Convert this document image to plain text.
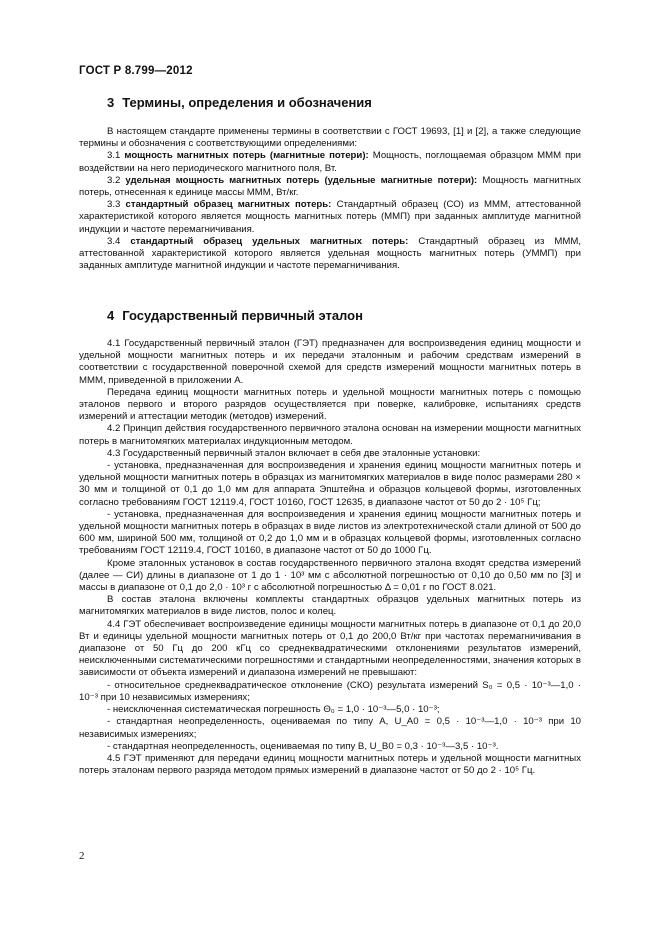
ГОСТ Р 8.799—2012
3 Термины, определения и обозначения

В настоящем стандарте применены термины в соответствии с ГОСТ 19693, [1] и [2], а также следующие термины и обозначения с соответствующими определениями:

3.1 мощность магнитных потерь (магнитные потери): Мощность, поглощаемая образцом МММ при воздействии на него периодического магнитного поля, Вт.

3.2 удельная мощность магнитных потерь (удельные магнитные потери): Мощность магнитных потерь, отнесенная к единице массы МММ, Вт/кг.

3.3 стандартный образец магнитных потерь: Стандартный образец (СО) из МММ, аттестованной характеристикой которого является мощность магнитных потерь (ММП) при заданных амплитуде магнитной индукции и частоте перемагничивания.

3.4 стандартный образец удельных магнитных потерь: Стандартный образец из МММ, аттестованной характеристикой которого является удельная мощность магнитных потерь (УММП) при заданных амплитуде магнитной индукции и частоте перемагничивания.

4 Государственный первичный эталон

4.1 Государственный первичный эталон (ГЭТ) предназначен для воспроизведения единиц мощности и удельной мощности магнитных потерь и их передачи эталонным и рабочим средствам измерений в соответствии с государственной поверочной схемой для средств измерений мощности магнитных потерь в МММ, приведенной в приложении А.

Передача единиц мощности магнитных потерь и удельной мощности магнитных потерь с помощью эталонов первого и второго разрядов осуществляется при поверке, калибровке, испытаниях средств измерений и аттестации методик (методов) измерений.

4.2 Принцип действия государственного первичного эталона основан на измерении мощности магнитных потерь в магнитомягких материалах индукционным методом.

4.3 Государственный первичный эталон включает в себя две эталонные установки:

- установка, предназначенная для воспроизведения и хранения единиц мощности магнитных потерь и удельной мощности магнитных потерь в образцах из магнитомягких материалов в виде полос размерами 280 × 30 мм и толщиной от 0,1 до 1,0 мм для аппарата Эпштейна и образцов кольцевой формы, изготовленных согласно требованиям ГОСТ 12119.4, ГОСТ 10160, ГОСТ 12635, в диапазоне частот от 50 до 2 · 10⁵ Гц;

- установка, предназначенная для воспроизведения и хранения единиц мощности магнитных потерь и удельной мощности магнитных потерь в образцах в виде листов из электротехнической стали длиной от 500 до 600 мм, шириной 500 мм, толщиной от 0,2 до 1,0 мм и в образцах кольцевой формы, изготовленных согласно требованиям ГОСТ 12119.4, ГОСТ 10160, в диапазоне частот от 50 до 1000 Гц.

Кроме эталонных установок в состав государственного первичного эталона входят средства измерений (далее — СИ) длины в диапазоне от 1 до 1 · 10³ мм с абсолютной погрешностью от 0,10 до 0,50 мм по [3] и массы в диапазоне от 0,1 до 2,0 · 10³ г с абсолютной погрешностью Δ = 0,01 г по ГОСТ 8.021.

В состав эталона включены комплекты стандартных образцов удельных магнитных потерь из магнитомягких материалов в виде листов, полос и колец.

4.4 ГЭТ обеспечивает воспроизведение единицы мощности магнитных потерь в диапазоне от 0,1 до 20,0 Вт и единицы удельной мощности магнитных потерь от 0,1 до 200,0 Вт/кг при частотах перемагничивания в диапазоне от 50 Гц до 200 кГц со среднеквадратическими отклонениями результатов измерений, неисключенными систематическими погрешностями и стандартными неопределенностями, значения которых в зависимости от объекта измерений и диапазона измерений не превышают:

- относительное среднеквадратическое отклонение (СКО) результата измерений S₀ = 0,5 · 10⁻³—1,0 · 10⁻³ при 10 независимых измерениях;

- неисключенная систематическая погрешность Θ₀ = 1,0 · 10⁻³—5,0 · 10⁻³;

- стандартная неопределенность, оцениваемая по типу A, U_A0 = 0,5 · 10⁻³—1,0 · 10⁻³ при 10 независимых измерениях;

- стандартная неопределенность, оцениваемая по типу B, U_B0 = 0,3 · 10⁻³—3,5 · 10⁻³.

4.5 ГЭТ применяют для передачи единиц мощности магнитных потерь и удельной мощности магнитных потерь эталонам первого разряда методом прямых измерений в диапазоне частот от 50 до 2 · 10⁵ Гц.

2
